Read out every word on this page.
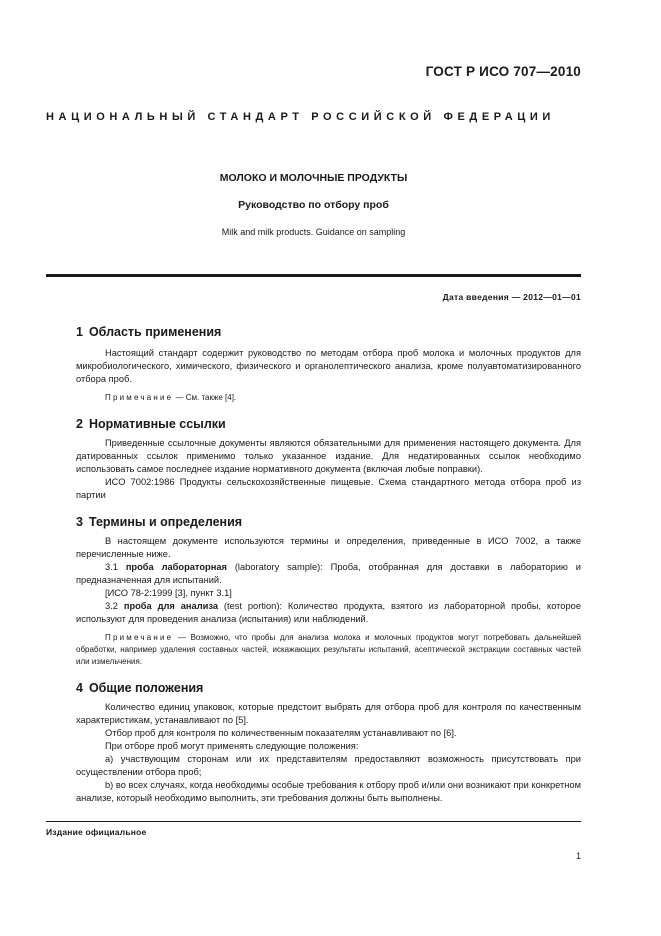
ГОСТ Р ИСО 707—2010
НАЦИОНАЛЬНЫЙ СТАНДАРТ РОССИЙСКОЙ ФЕДЕРАЦИИ
МОЛОКО И МОЛОЧНЫЕ ПРОДУКТЫ
Руководство по отбору проб
Milk and milk products. Guidance on sampling
Дата введения — 2012—01—01
1 Область применения

Настоящий стандарт содержит руководство по методам отбора проб молока и молочных продуктов для микробиологического, химического, физического и органолептического анализа, кроме полуавтоматизированного отбора проб.

Примечание — См. также [4].

2 Нормативные ссылки

Приведенные ссылочные документы являются обязательными для применения настоящего документа. Для датированных ссылок применимо только указанное издание. Для недатированных ссылок необходимо использовать самое последнее издание нормативного документа (включая любые поправки).

ИСО 7002:1986 Продукты сельскохозяйственные пищевые. Схема стандартного метода отбора проб из партии

3 Термины и определения

В настоящем документе используются термины и определения, приведенные в ИСО 7002, а также перечисленные ниже.

3.1 проба лабораторная (laboratory sample): Проба, отобранная для доставки в лабораторию и предназначенная для испытаний.

[ИСО 78-2:1999 [3], пункт 3.1]

3.2 проба для анализа (test portion): Количество продукта, взятого из лабораторной пробы, которое используют для проведения анализа (испытания) или наблюдений.

Примечание — Возможно, что пробы для анализа молока и молочных продуктов могут потребовать дальнейшей обработки, например удаления составных частей, искажающих результаты испытаний, асептической экстракции составных частей или измельчения.

4 Общие положения

Количество единиц упаковок, которые предстоит выбрать для отбора проб для контроля по качественным характеристикам, устанавливают по [5].

Отбор проб для контроля по количественным показателям устанавливают по [6].

При отборе проб могут применять следующие положения:

а) участвующим сторонам или их представителям предоставляют возможность присутствовать при осуществлении отбора проб;

b) во всех случаях, когда необходимы особые требования к отбору проб и/или они возникают при конкретном анализе, который необходимо выполнить, эти требования должны быть выполнены.

Издание официальное
1
